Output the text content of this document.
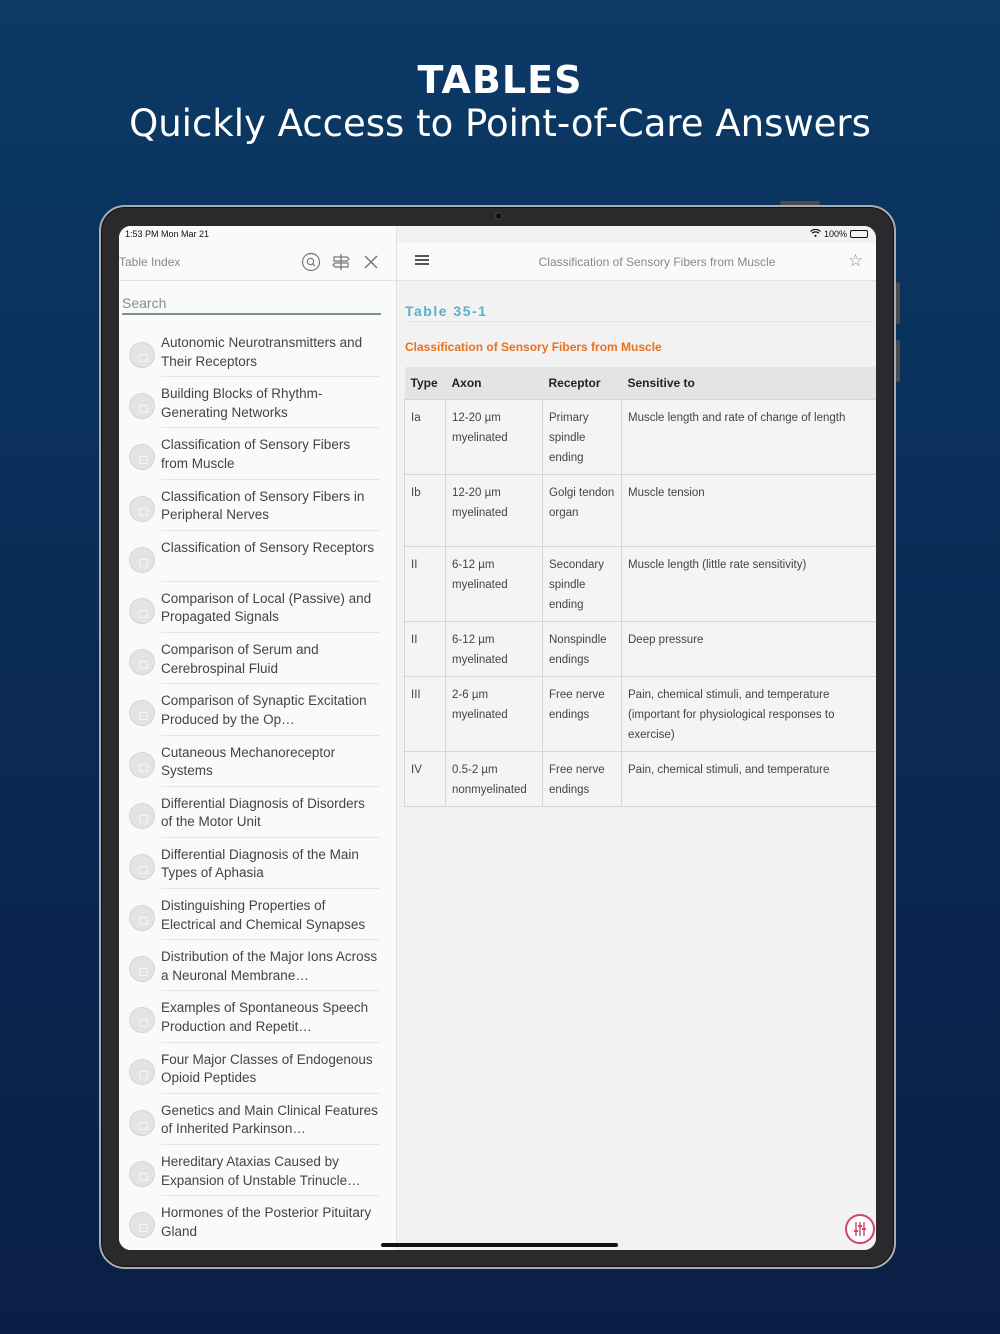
TABLES
Quickly Access to Point-of-Care Answers
Table Index
Search
Autonomic Neurotransmitters and Their Receptors
Building Blocks of Rhythm-Generating Networks
Classification of Sensory Fibers from Muscle
Classification of Sensory Fibers in Peripheral Nerves
Classification of Sensory Receptors
Comparison of Local (Passive) and Propagated Signals
Comparison of Serum and Cerebrospinal Fluid
Comparison of Synaptic Excitation Produced by the Op…
Cutaneous Mechanoreceptor Systems
Differential Diagnosis of Disorders of the Motor Unit
Differential Diagnosis of the Main Types of Aphasia
Distinguishing Properties of Electrical and Chemical Synapses
Distribution of the Major Ions Across a Neuronal Membrane…
Examples of Spontaneous Speech Production and Repetit…
Four Major Classes of Endogenous Opioid Peptides
Genetics and Main Clinical Features of Inherited Parkinson…
Hereditary Ataxias Caused by Expansion of Unstable Trinucle…
Hormones of the Posterior Pituitary Gland
Classification of Sensory Fibers from Muscle	☆
Table 35-1
Classification of Sensory Fibers from Muscle
Type	Axon	Receptor	Sensitive to
Ia	12-20 µm myelinated	Primary spindle ending	Muscle length and rate of change of length
Ib	12-20 µm myelinated	Golgi tendon organ	Muscle tension
II	6-12 µm myelinated	Secondary spindle ending	Muscle length (little rate sensitivity)
II	6-12 µm myelinated	Nonspindle endings	Deep pressure
III	2-6 µm myelinated	Free nerve endings	Pain, chemical stimuli, and temperature (important for physiological responses to exercise)
IV	0.5-2 µm nonmyelinated	Free nerve endings	Pain, chemical stimuli, and temperature
1:53 PM Mon Mar 21	100%
